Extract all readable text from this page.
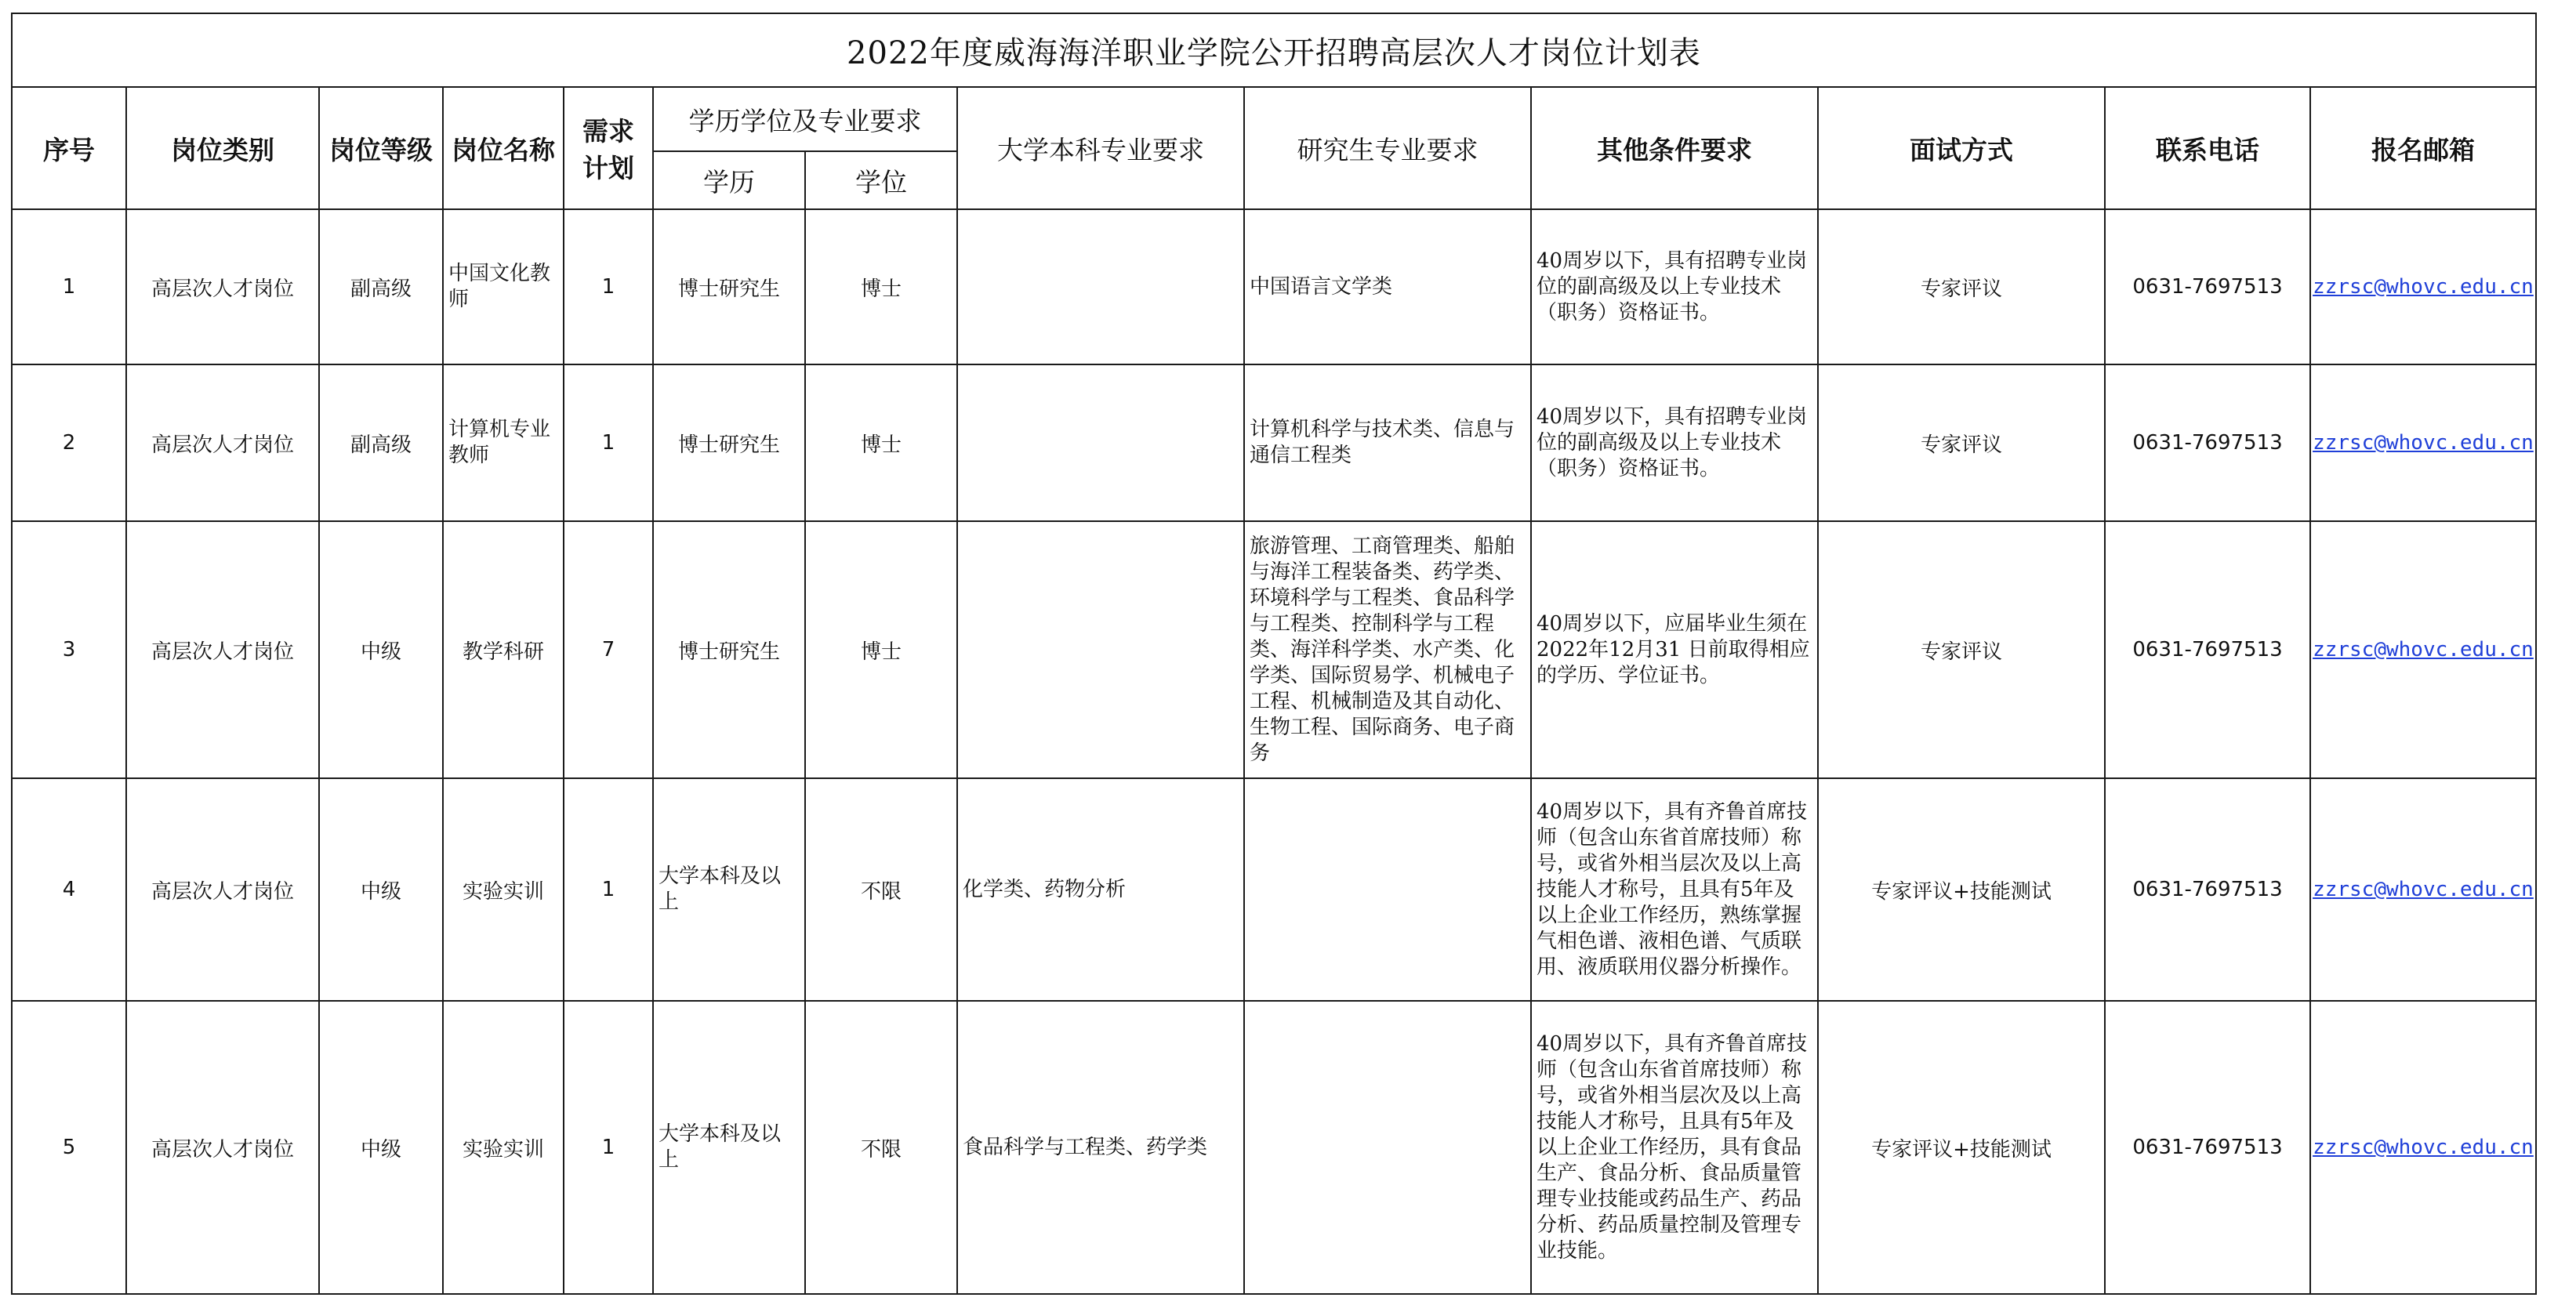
2022年度威海海洋职业学院公开招聘高层次人才岗位计划表												
序号	岗位类别	岗位等级	岗位名称	需求计划	学历学位及专业要求		大学本科专业要求	研究生专业要求	其他条件要求	面试方式	联系电话	报名邮箱
					学历	学位						
1	高层次人才岗位	副高级	中国文化教师	1	博士研究生	博士		中国语言文学类	40周岁以下，具有招聘专业岗位的副高级及以上专业技术（职务）资格证书。	专家评议	0631-7697513	zzrsc@whovc.edu.cn
2	高层次人才岗位	副高级	计算机专业教师	1	博士研究生	博士		计算机科学与技术类、信息与通信工程类	40周岁以下，具有招聘专业岗位的副高级及以上专业技术（职务）资格证书。	专家评议	0631-7697513	zzrsc@whovc.edu.cn
3	高层次人才岗位	中级	教学科研	7	博士研究生	博士		旅游管理、工商管理类、船舶与海洋工程装备类、药学类、环境科学与工程类、食品科学与工程类、控制科学与工程类、海洋科学类、水产类、化学类、国际贸易学、机械电子工程、机械制造及其自动化、生物工程、国际商务、电子商务	40周岁以下，应届毕业生须在2022年12月31 日前取得相应的学历、学位证书。	专家评议	0631-7697513	zzrsc@whovc.edu.cn
4	高层次人才岗位	中级	实验实训	1	大学本科及以上	不限	化学类、药物分析		40周岁以下，具有齐鲁首席技师（包含山东省首席技师）称号，或省外相当层次及以上高技能人才称号，且具有5年及以上企业工作经历，熟练掌握气相色谱、液相色谱、气质联用、液质联用仪器分析操作。	专家评议+技能测试	0631-7697513	zzrsc@whovc.edu.cn
5	高层次人才岗位	中级	实验实训	1	大学本科及以上	不限	食品科学与工程类、药学类		40周岁以下，具有齐鲁首席技师（包含山东省首席技师）称号，或省外相当层次及以上高技能人才称号，且具有5年及以上企业工作经历，具有食品生产、食品分析、食品质量管理专业技能或药品生产、药品分析、药品质量控制及管理专业技能。	专家评议+技能测试	0631-7697513	zzrsc@whovc.edu.cn
